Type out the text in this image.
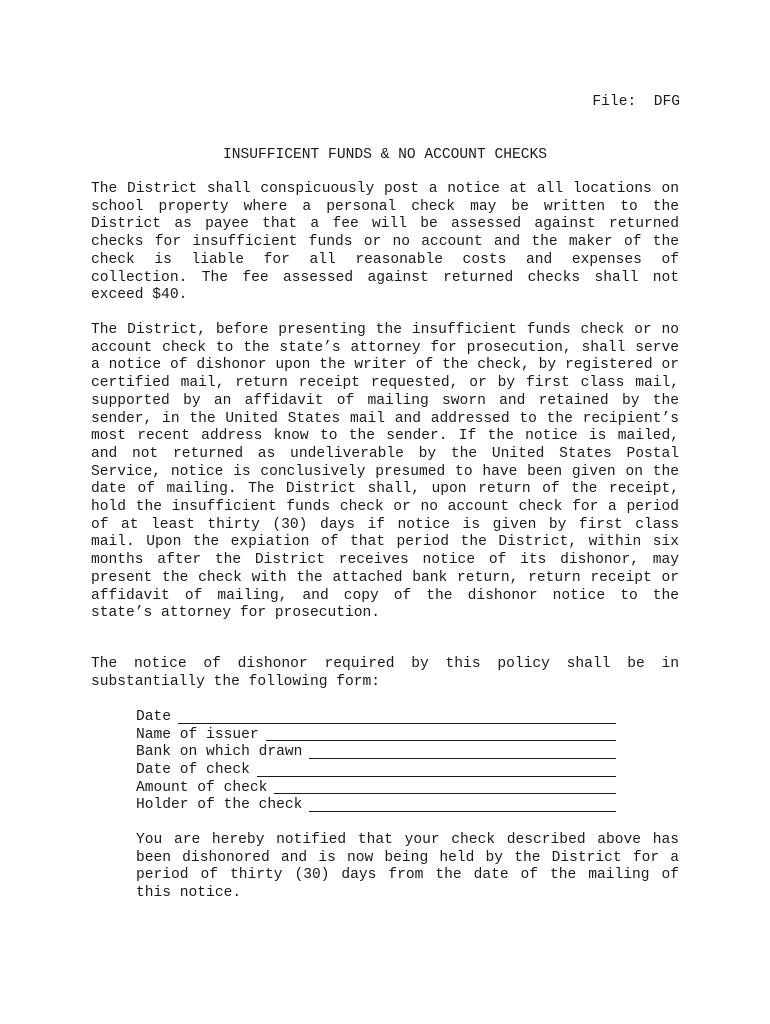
File:  DFG
INSUFFICENT FUNDS & NO ACCOUNT CHECKS

The District shall conspicuously post a notice at all locations on school property where a personal check may be written to the District as payee that a fee will be assessed against returned checks for insufficient funds or no account and the maker of the check is liable for all reasonable costs and expenses of collection. The fee assessed against returned checks shall not exceed $40.

The District, before presenting the insufficient funds check or no account check to the state’s attorney for prosecution, shall serve a notice of dishonor upon the writer of the check, by registered or certified mail, return receipt requested, or by first class mail, supported by an affidavit of mailing sworn and retained by the sender, in the United States mail and addressed to the recipient’s most recent address know to the sender. If the notice is mailed, and not returned as undeliverable by the United States Postal Service, notice is conclusively presumed to have been given on the date of mailing. The District shall, upon return of the receipt, hold the insufficient funds check or no account check for a period of at least thirty (30) days if notice is given by first class mail. Upon the expiation of that period the District, within six months after the District receives notice of its dishonor, may present the check with the attached bank return, return receipt or affidavit of mailing, and copy of the dishonor notice to the state’s attorney for prosecution.

The notice of dishonor required by this policy shall be in substantially the following form:

Date
Name of issuer
Bank on which drawn
Date of check
Amount of check
Holder of the check

You are hereby notified that your check described above has been dishonored and is now being held by the District for a period of thirty (30) days from the date of the mailing of this notice.
